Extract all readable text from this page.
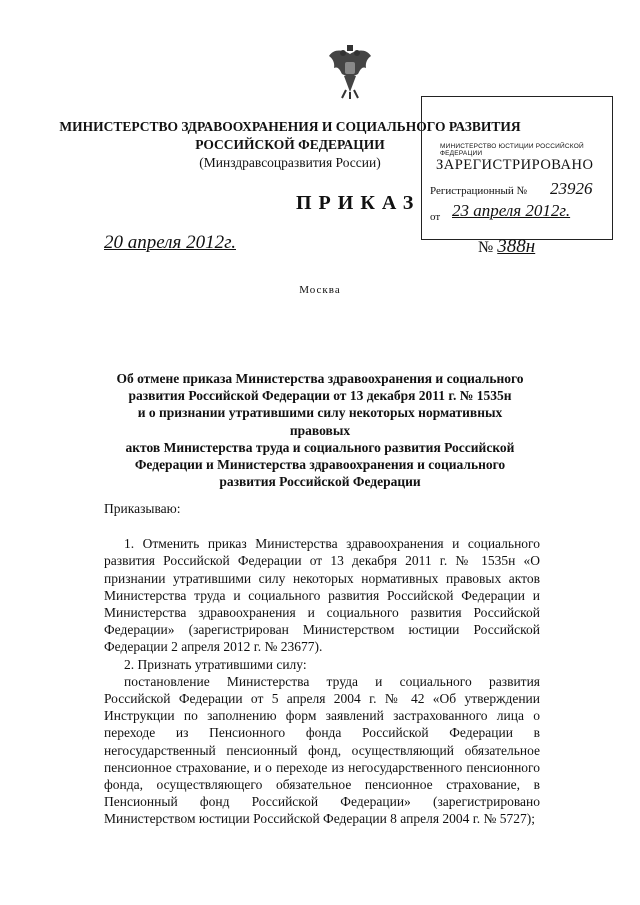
МИНИСТЕРСТВО ЗДРАВООХРАНЕНИЯ И СОЦИАЛЬНОГО РАЗВИТИЯ
РОССИЙСКОЙ ФЕДЕРАЦИИ
(Минздравсоцразвития России)
МИНИСТЕРСТВО ЮСТИЦИИ РОССИЙСКОЙ ФЕДЕРАЦИИ
ЗАРЕГИСТРИРОВАНО
Регистрационный № 23926
от 23 апреля 2012г.
ПРИКАЗ
20 апреля 2012г.	№ 388н
Москва
Об отмене приказа Министерства здравоохранения и социального
развития Российской Федерации от 13 декабря 2011 г. № 1535н
и о признании утратившими силу некоторых нормативных правовых
актов Министерства труда и социального развития Российской
Федерации и Министерства здравоохранения и социального
развития Российской Федерации

Приказываю:

1. Отменить приказ Министерства здравоохранения и социального развития Российской Федерации от 13 декабря 2011 г. № 1535н «О признании утратившими силу некоторых нормативных правовых актов Министерства труда и социального развития Российской Федерации и Министерства здравоохранения и социального развития Российской Федерации» (зарегистрирован Министерством юстиции Российской Федерации 2 апреля 2012 г. № 23677).

2. Признать утратившими силу:

постановление Министерства труда и социального развития Российской Федерации от 5 апреля 2004 г. № 42 «Об утверждении Инструкции по заполнению форм заявлений застрахованного лица о переходе из Пенсионного фонда Российской Федерации в негосударственный пенсионный фонд, осуществляющий обязательное пенсионное страхование, и о переходе из негосударственного пенсионного фонда, осуществляющего обязательное пенсионное страхование, в Пенсионный фонд Российской Федерации» (зарегистрировано Министерством юстиции Российской Федерации 8 апреля 2004 г. № 5727);
